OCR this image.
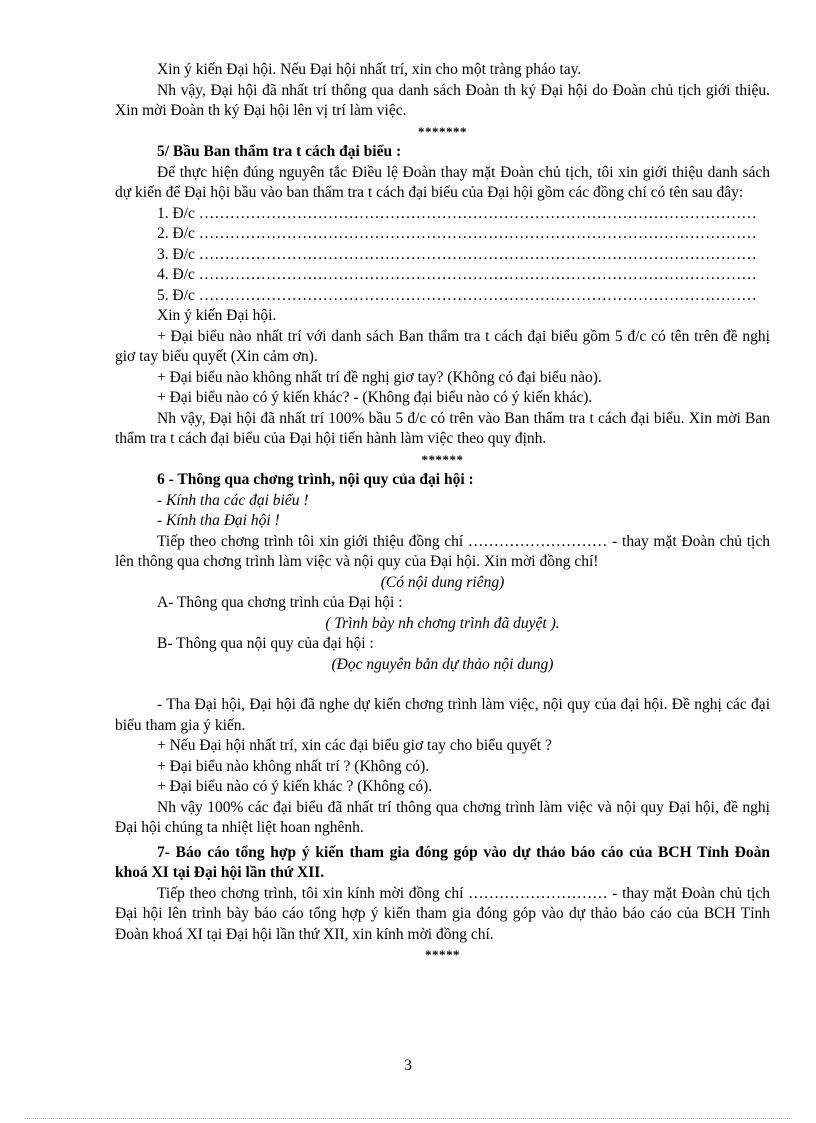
Xin ý kiến Đại hội. Nếu Đại hội nhất trí, xin cho một tràng pháo tay.

Nh vậy, Đại hội đã nhất trí thông qua danh sách Đoàn th ký Đại hội do Đoàn chủ tịch giới thiệu. Xin mời Đoàn th ký Đại hội lên vị trí làm việc.

*******

5/ Bầu Ban thẩm tra t cách đại biểu :

Để thực hiện đúng nguyên tắc Điều lệ Đoàn thay mặt Đoàn chủ tịch, tôi xin giới thiệu danh sách dự kiến để Đại hội bầu vào ban thẩm tra t cách đại biểu của Đại hội gồm các đồng chí có tên sau đây:

1. Đ/c ………………………………………………………………………………………………

2. Đ/c ………………………………………………………………………………………………

3. Đ/c ………………………………………………………………………………………………

4. Đ/c ………………………………………………………………………………………………

5. Đ/c ………………………………………………………………………………………………

Xin ý kiến Đại hội.

+ Đại biểu nào nhất trí với danh sách Ban thẩm tra t cách đại biểu gồm 5 đ/c có tên trên đề nghị giơ tay biểu quyết (Xin cảm ơn).

+ Đại biểu nào không nhất trí đề nghị giơ tay? (Không có đại biểu nào).

+ Đại biểu nào có ý kiến khác? - (Không đại biểu nào có ý kiến khác).

Nh vậy, Đại hội đã nhất trí 100% bầu 5 đ/c có trên vào Ban thẩm tra t cách đại biểu. Xin mời Ban thẩm tra t cách đại biểu của Đại hội tiến hành làm việc theo quy định.

******

6 - Thông qua chơng trình, nội quy của đại hội :

- Kính tha các đại biểu !

- Kính tha Đại hội !

Tiếp theo chơng trình tôi xin giới thiệu đồng chí ……………………… - thay mặt Đoàn chủ tịch lên thông qua chơng trình làm việc và nội quy của Đại hội. Xin mời đồng chí!

(Có nội dung riêng)

A- Thông qua chơng trình của Đại hội :

( Trình bày nh chơng trình đã duyệt ).

B- Thông qua nội quy của đại hội :

(Đọc nguyên bản dự thảo nội dung)

- Tha Đại hội, Đại hội đã nghe dự kiến chơng trình làm việc, nội quy của đại hội. Đề nghị các đại biểu tham gia ý kiến.

+ Nếu Đại hội nhất trí, xin các đại biểu giơ tay cho biểu quyết ?

+ Đại biểu nào không nhất trí ? (Không có).

+ Đại biểu nào có ý kiến khác ? (Không có).

Nh vậy 100% các đại biểu đã nhất trí thông qua chơng trình làm việc và nội quy Đại hội, đề nghị Đại hội chúng ta nhiệt liệt hoan nghênh.

7- Báo cáo tổng hợp ý kiến tham gia đóng góp vào dự thảo báo cáo của BCH Tỉnh Đoàn khoá XI tại Đại hội lần thứ XII.

Tiếp theo chơng trình, tôi xin kính mời đồng chí ……………………… - thay mặt Đoàn chủ tịch Đại hội lên trình bày báo cáo tổng hợp ý kiến tham gia đóng góp vào dự thảo báo cáo của BCH Tỉnh Đoàn khoá XI tại Đại hội lần thứ XII, xin kính mời đồng chí.

*****

3
